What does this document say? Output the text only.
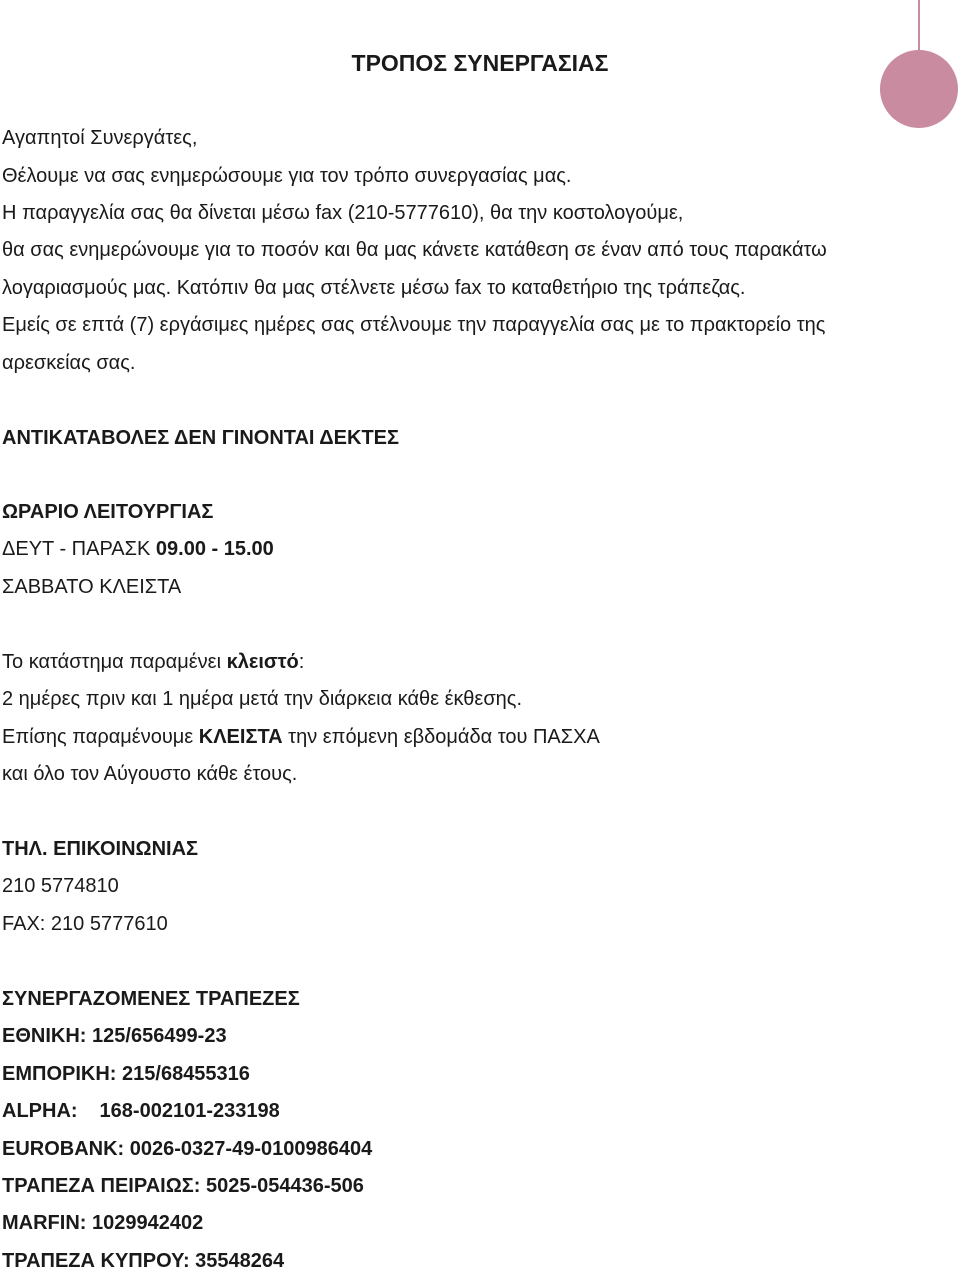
ΤΡΟΠΟΣ ΣΥΝΕΡΓΑΣΙΑΣ
Αγαπητοί Συνεργάτες,
Θέλουμε να σας ενημερώσουμε για τον τρόπο συνεργασίας μας.
Η παραγγελία σας θα δίνεται μέσω fax (210-5777610), θα την κοστολογούμε,
θα σας ενημερώνουμε για το ποσόν και θα μας κάνετε κατάθεση σε έναν από τους παρακάτω
λογαριασμούς μας. Κατόπιν θα μας στέλνετε μέσω fax το καταθετήριο της τράπεζας.
Εμείς σε επτά (7) εργάσιμες ημέρες σας στέλνουμε την παραγγελία σας με το πρακτορείο της
αρεσκείας σας.
ΑΝΤΙΚΑΤΑΒΟΛΕΣ ΔΕΝ ΓΙΝΟΝΤΑΙ ΔΕΚΤΕΣ
ΩΡΑΡΙΟ ΛΕΙΤΟΥΡΓΙΑΣ
ΔΕΥΤ - ΠΑΡΑΣΚ 09.00 - 15.00
ΣΑΒΒΑΤΟ ΚΛΕΙΣΤΑ
Το κατάστημα παραμένει κλειστό:
2 ημέρες πριν και 1 ημέρα μετά την διάρκεια κάθε έκθεσης.
Επίσης παραμένουμε ΚΛΕΙΣΤΑ την επόμενη εβδομάδα του ΠΑΣΧΑ
και όλο τον Αύγουστο κάθε έτους.
ΤΗΛ. ΕΠΙΚΟΙΝΩΝΙΑΣ
210 5774810
FAX: 210 5777610
ΣΥΝΕΡΓΑΖΟΜΕΝΕΣ ΤΡΑΠΕΖΕΣ
ΕΘΝΙΚΗ: 125/656499-23
ΕΜΠΟΡΙΚΗ: 215/68455316
ALPHA: 168-002101-233198
EUROBANK: 0026-0327-49-0100986404
ΤΡΑΠΕΖΑ ΠΕΙΡΑΙΩΣ: 5025-054436-506
MARFIN: 1029942402
ΤΡΑΠΕΖΑ ΚΥΠΡΟΥ: 35548264
